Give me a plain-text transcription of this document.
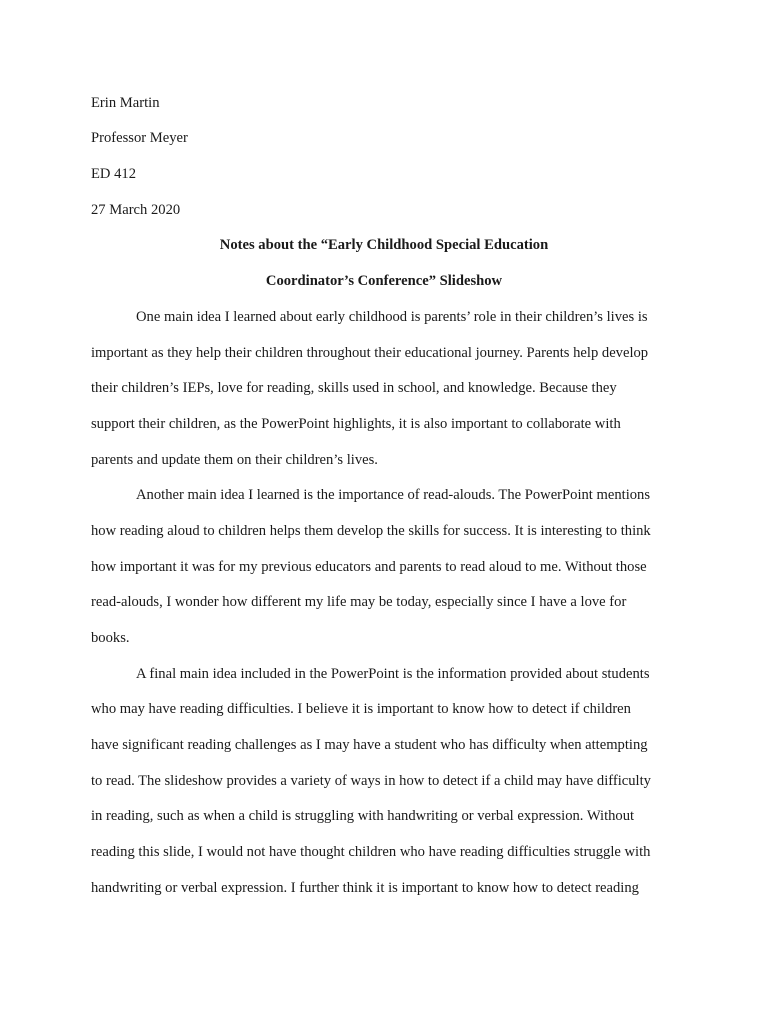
Erin Martin
Professor Meyer
ED 412
27 March 2020
Notes about the “Early Childhood Special Education
Coordinator’s Conference” Slideshow
One main idea I learned about early childhood is parents’ role in their children’s lives is
important as they help their children throughout their educational journey. Parents help develop
their children’s IEPs, love for reading, skills used in school, and knowledge. Because they
support their children, as the PowerPoint highlights, it is also important to collaborate with
parents and update them on their children’s lives.
Another main idea I learned is the importance of read-alouds. The PowerPoint mentions
how reading aloud to children helps them develop the skills for success. It is interesting to think
how important it was for my previous educators and parents to read aloud to me. Without those
read-alouds, I wonder how different my life may be today, especially since I have a love for
books.
A final main idea included in the PowerPoint is the information provided about students
who may have reading difficulties. I believe it is important to know how to detect if children
have significant reading challenges as I may have a student who has difficulty when attempting
to read. The slideshow provides a variety of ways in how to detect if a child may have difficulty
in reading, such as when a child is struggling with handwriting or verbal expression. Without
reading this slide, I would not have thought children who have reading difficulties struggle with
handwriting or verbal expression. I further think it is important to know how to detect reading
